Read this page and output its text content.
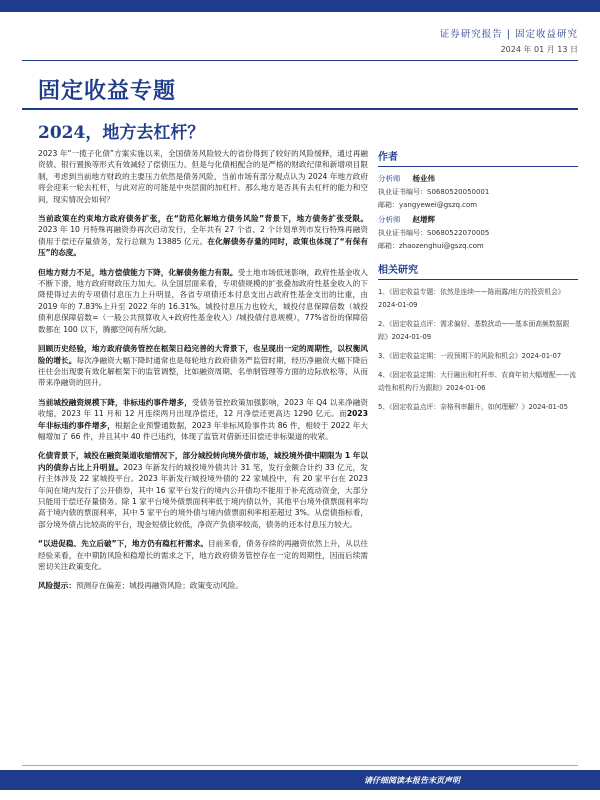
证券研究报告 | 固定收益研究
2024 年 01 月 13 日
固定收益专题
2024，地方去杠杆？

2023 年“一揽子化债”方案实施以来，全国债务风险较大的省份得到了较好的风险缓释，通过再融资债、银行置换等形式有效减轻了偿债压力。但是与化债相配合的是严格的财政纪律和新增项目限制，考虑到当前地方财政的主要压力依然是债务风险，当前市场有部分观点认为 2024 年地方政府将会迎来一轮去杠杆，与此对应的可能是中央层面的加杠杆。那么地方是否具有去杠杆的能力和空间，现实情况会如何？

当前政策在约束地方政府债务扩张，在“防范化解地方债务风险”背景下，地方债务扩张受限。2023 年 10 月特殊再融资券再次启动发行，全年共有 27 个省、2 个计划单列市发行特殊再融资债用于偿还存量债务，发行总额为 13885 亿元。在化解债务存量的同时，政策也体现了“有保有压”的态度。

但地方财力不足，地方偿债能力下降，化解债务能力有限。受土地市场低迷影响，政府性基金收入不断下滑，地方政府财政压力加大。从全国层面来看，专项债规模的扩张叠加政府性基金收入的下降使得过去的专项债付息压力上升明显，各省专项债还本付息支出占政府性基金支出的比重，由 2019 年的 7.83%上升至 2022 年的 16.31%。城投付息压力也较大，城投付息保障倍数（城投债利息保障倍数=（一般公共预算收入+政府性基金收入）/城投债付息规模），77%省份的保障倍数都在 100 以下，腾挪空间有所欠缺。

回顾历史经验，地方政府债务管控在框架日趋完善的大背景下，也呈现出一定的周期性，以权衡风险的增长。每次净融资大幅下降时通常也是每轮地方政府债务严监管时期，经历净融资大幅下降后往往会出现要有效化解框架下的监管调整，比如融资周期、名单制管理等方面的边际放松等，从而带来净融资的回升。

当前城投融资规模下降，非标违约事件增多，受债务管控政策加强影响，2023 年 Q4 以来净融资收缩，2023 年 11 月和 12 月连续两月出现净偿还，12 月净偿还更高达 1290 亿元。而2023 年非标违约事件增多，根据企业预警通数据，2023 年非标风险事件共 86 件，相较于 2022 年大幅增加了 66 件，并且其中 40 件已违约，体现了监管对借新还旧偿还非标渠道的收紧。

化债背景下，城投在融资渠道收缩情况下，部分城投转向境外债市场，城投境外债中期限为 1 年以内的债券占比上升明显。2023 年新发行的城投境外债共计 31 笔，发行金额合计约 33 亿元，发行主体涉及 22 家城投平台。2023 年新发行城投境外债的 22 家城投中，有 20 家平台在 2023 年间在境内发行了公开债券，其中 16 家平台发行的境内公开债均不能用于补充流动资金，大部分只能用于偿还存量债务。除 1 家平台境外债票面利率低于境内债以外，其他平台境外债票面利率均高于境内债的票面利率，其中 5 家平台的境外债与境内债票面利率相差超过 3%。从偿债指标看，部分境外债占比较高的平台，现金短债比较低，净资产负债率较高，债务的还本付息压力较大。

“以进促稳、先立后破”下，地方仍有稳杠杆需求。目前来看，债务存续的再融资依然上升，从以往经验来看，在中期防风险和稳增长的需求之下，地方政府债务管控存在一定的周期性，因而后续需密切关注政策变化。

风险提示：预测存在偏差；城投再融资风险；政策变动风险。

作者
分析师 杨业伟
执业证书编号：S0680520050001
邮箱：yangyewei@gszq.com
分析师 赵增辉
执业证书编号：S0680522070005
邮箱：zhaozenghui@gszq.com
相关研究
1、《固定收益专题：依然是连续——陈雨露/地方的投资机会》2024-01-09
2、《固定收益点评：需求偏好、基数扰动——基本面高频数据跟踪》2024-01-09
3、《固定收益定期：一段预期下的风险和机会》2024-01-07
4、《固定收益定期：大行融出和杠杆率、农商年初大幅增配——流动性和机构行为跟踪》2024-01-06
5、《固定收益点评：奈格利率翻升，如何理解？》2024-01-05
请仔细阅读本报告末页声明
